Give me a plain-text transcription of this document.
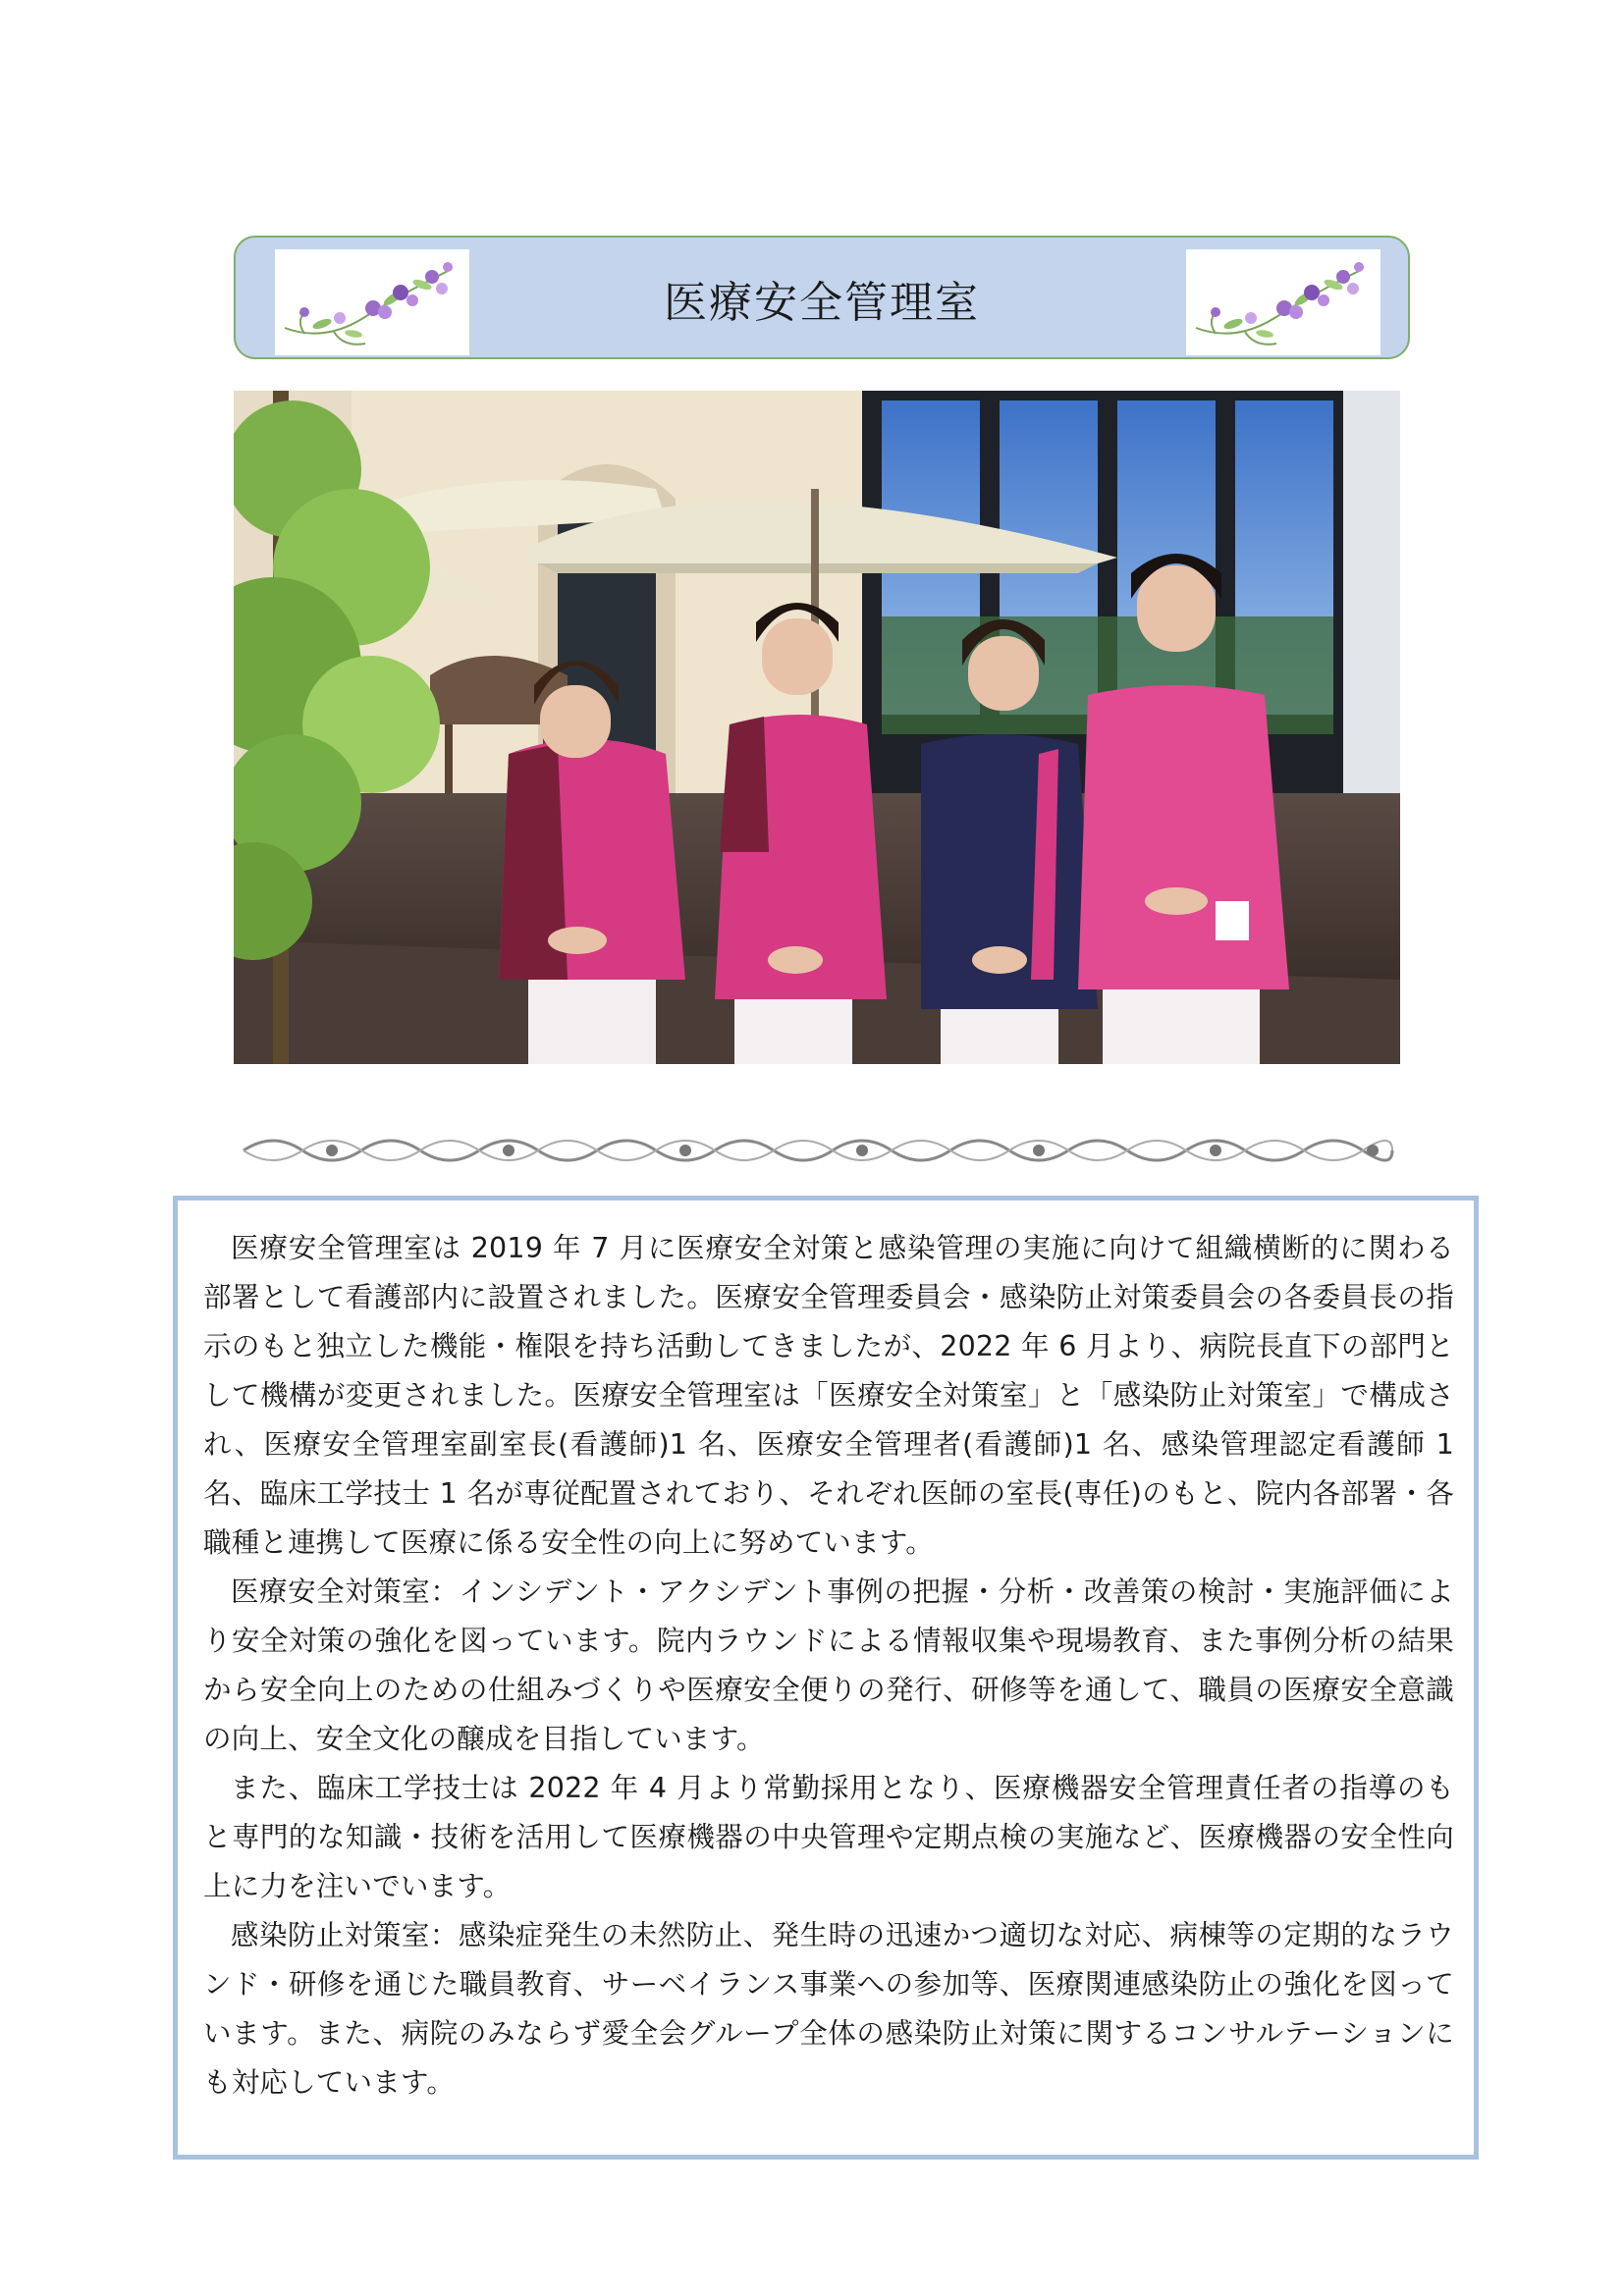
医療安全管理室

医療安全管理室は 2019 年 7 月に医療安全対策と感染管理の実施に向けて組織横断的に関わる部署として看護部内に設置されました。医療安全管理委員会・感染防止対策委員会の各委員長の指示のもと独立した機能・権限を持ち活動してきましたが、2022 年 6 月より、病院長直下の部門として機構が変更されました。医療安全管理室は「医療安全対策室」と「感染防止対策室」で構成され、医療安全管理室副室長(看護師)1 名、医療安全管理者(看護師)1 名、感染管理認定看護師 1 名、臨床工学技士 1 名が専従配置されており、それぞれ医師の室長(専任)のもと、院内各部署・各職種と連携して医療に係る安全性の向上に努めています。

医療安全対策室：インシデント・アクシデント事例の把握・分析・改善策の検討・実施評価により安全対策の強化を図っています。院内ラウンドによる情報収集や現場教育、また事例分析の結果から安全向上のための仕組みづくりや医療安全便りの発行、研修等を通して、職員の医療安全意識の向上、安全文化の醸成を目指しています。

また、臨床工学技士は 2022 年 4 月より常勤採用となり、医療機器安全管理責任者の指導のもと専門的な知識・技術を活用して医療機器の中央管理や定期点検の実施など、医療機器の安全性向上に力を注いでいます。

感染防止対策室：感染症発生の未然防止、発生時の迅速かつ適切な対応、病棟等の定期的なラウンド・研修を通じた職員教育、サーベイランス事業への参加等、医療関連感染防止の強化を図っています。また、病院のみならず愛全会グループ全体の感染防止対策に関するコンサルテーションにも対応しています。
